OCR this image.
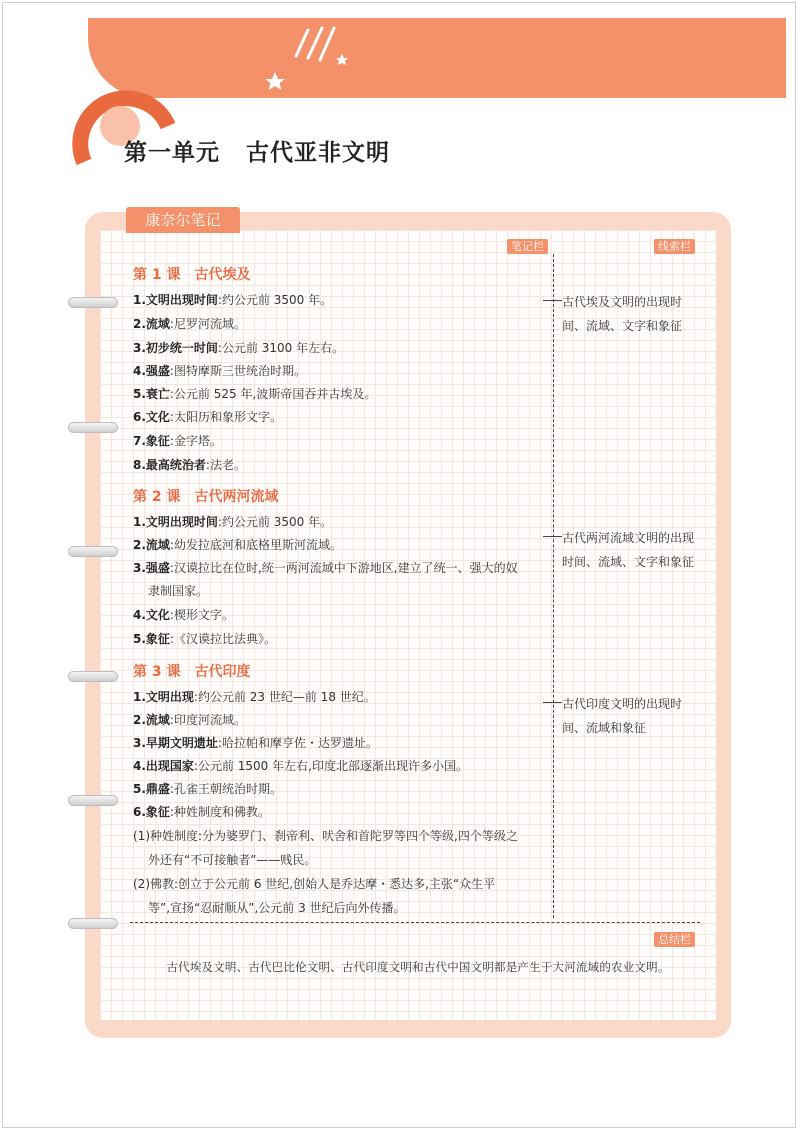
第一单元 古代亚非文明
康奈尔笔记
笔记栏	线索栏
总结栏
第 1 课 古代埃及
1.文明出现时间:约公元前 3500 年。
2.流域:尼罗河流域。
3.初步统一时间:公元前 3100 年左右。
4.强盛:图特摩斯三世统治时期。
5.衰亡:公元前 525 年,波斯帝国吞并古埃及。
6.文化:太阳历和象形文字。
7.象征:金字塔。
8.最高统治者:法老。
古代埃及文明的出现时间、流域、文字和象征
第 2 课 古代两河流域
1.文明出现时间:约公元前 3500 年。
2.流域:幼发拉底河和底格里斯河流域。
3.强盛:汉谟拉比在位时,统一两河流域中下游地区,建立了统一、强大的奴
隶制国家。
4.文化:楔形文字。
5.象征:《汉谟拉比法典》。
古代两河流域文明的出现时间、流域、文字和象征
第 3 课 古代印度
1.文明出现:约公元前 23 世纪—前 18 世纪。
2.流域:印度河流域。
3.早期文明遗址:哈拉帕和摩亨佐・达罗遗址。
4.出现国家:公元前 1500 年左右,印度北部逐渐出现许多小国。
5.鼎盛:孔雀王朝统治时期。
6.象征:种姓制度和佛教。
(1)种姓制度:分为婆罗门、刹帝利、吠舍和首陀罗等四个等级,四个等级之
外还有“不可接触者”——贱民。
(2)佛教:创立于公元前 6 世纪,创始人是乔达摩・悉达多,主张“众生平
等”,宣扬“忍耐顺从”,公元前 3 世纪后向外传播。
古代印度文明的出现时间、流域和象征
古代埃及文明、古代巴比伦文明、古代印度文明和古代中国文明都是产生于大河流域的农业文明。
